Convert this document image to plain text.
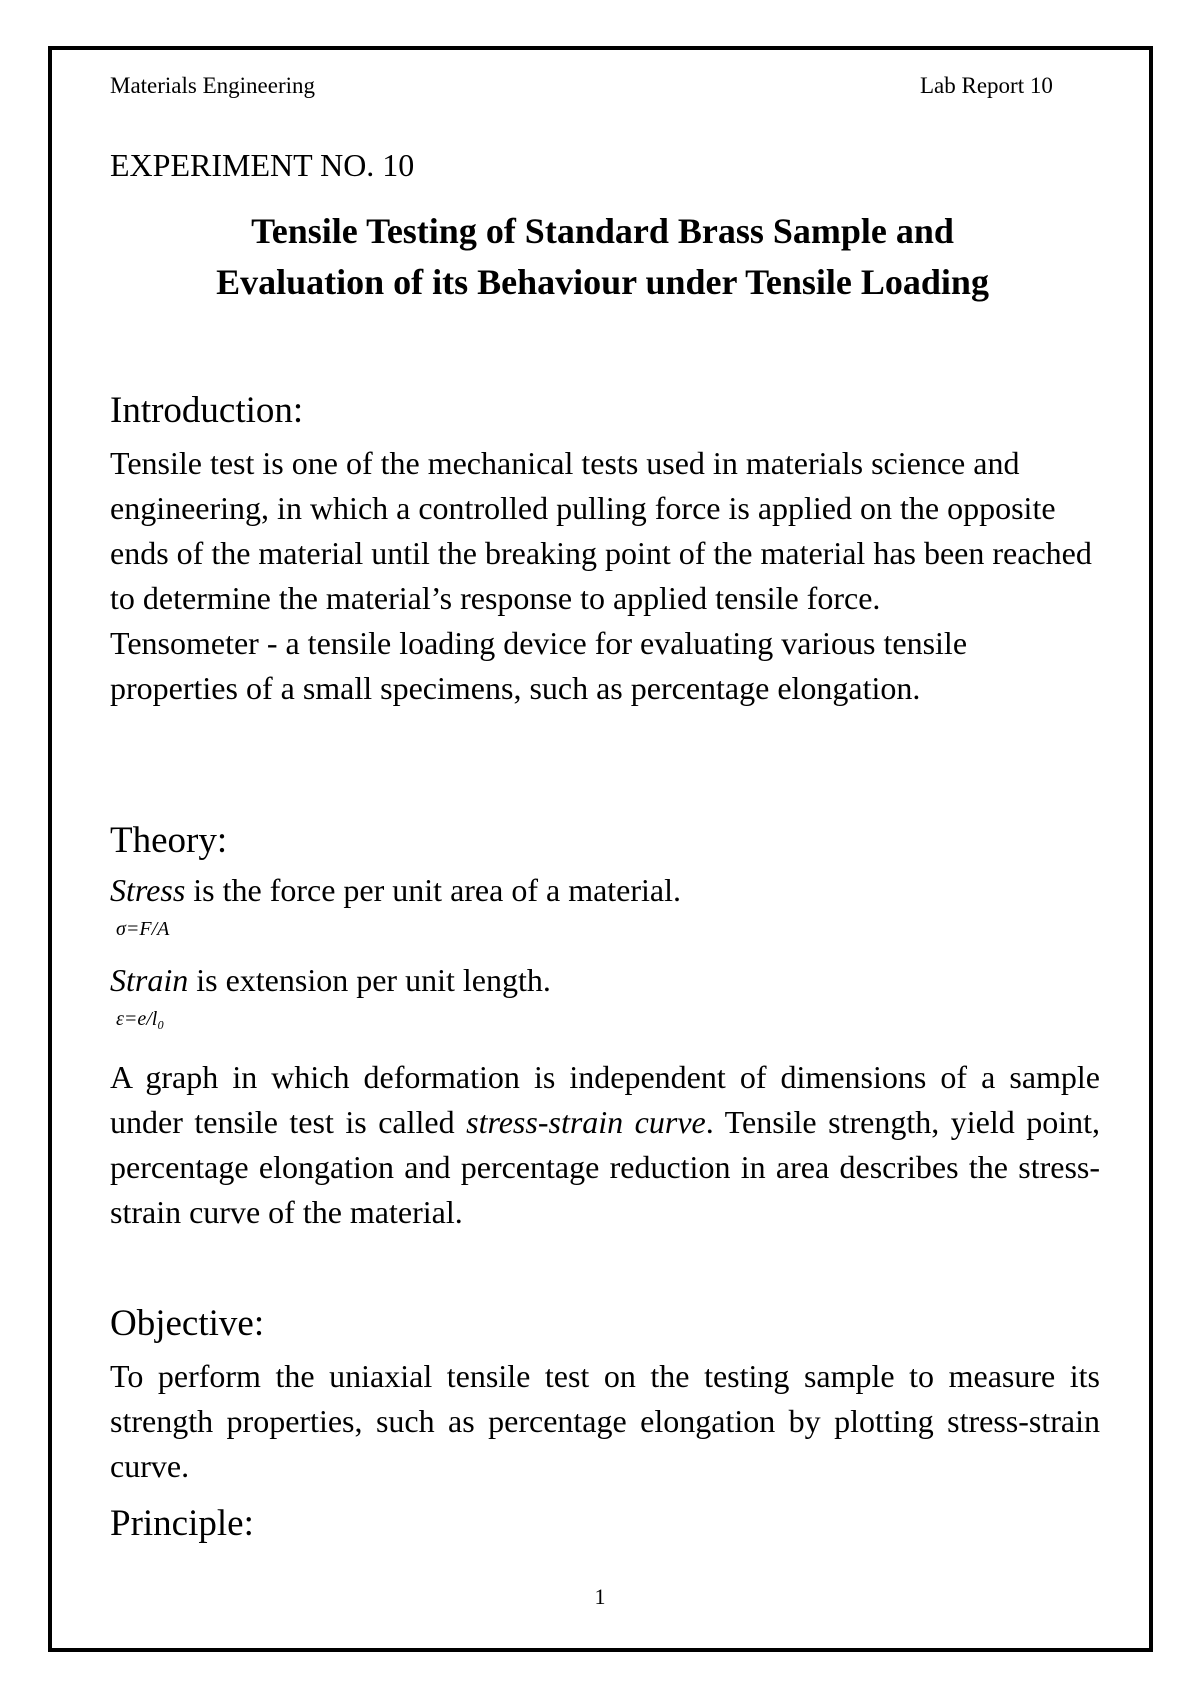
Materials Engineering	Lab Report 10
EXPERIMENT NO. 10
Tensile Testing of Standard Brass Sample and
Evaluation of its Behaviour under Tensile Loading
Introduction:

Tensile test is one of the mechanical tests used in materials science and engineering, in which a controlled pulling force is applied on the opposite ends of the material until the breaking point of the material has been reached to determine the material’s response to applied tensile force.

Tensometer - a tensile loading device for evaluating various tensile properties of a small specimens, such as percentage elongation.

Theory:
Stress is the force per unit area of a material.
σ=F/A
Strain is extension per unit length.
ε=e/l₀
A graph in which deformation is independent of dimensions of a sample under tensile test is called stress-strain curve. Tensile strength, yield point, percentage elongation and percentage reduction in area describes the stress-strain curve of the material.
Objective:
To perform the uniaxial tensile test on the testing sample to measure its strength properties, such as percentage elongation by plotting stress-strain curve.
Principle:
1
